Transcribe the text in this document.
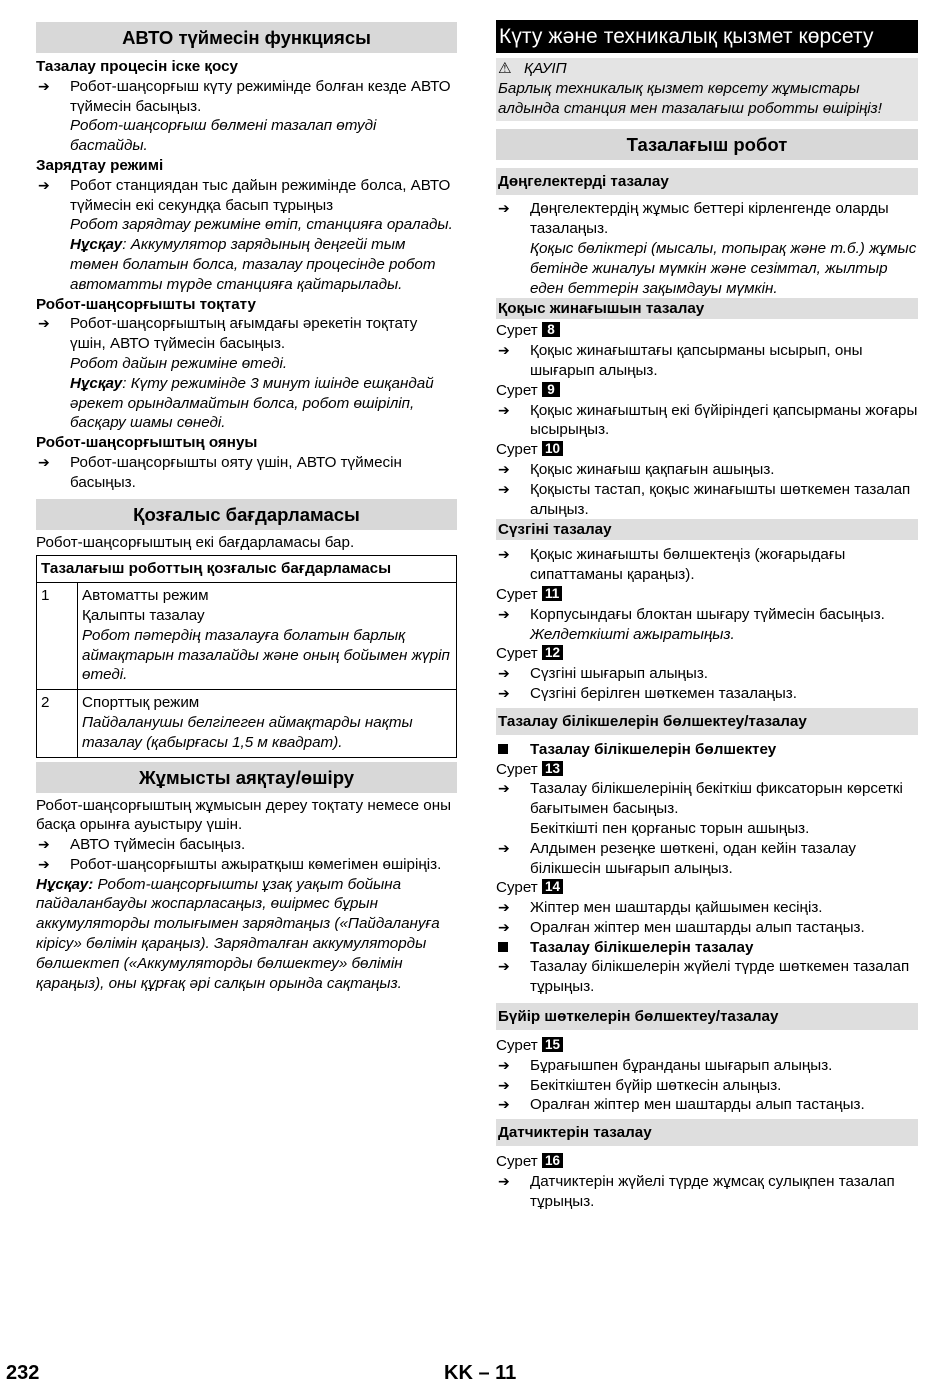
АВТО түймесін функциясы
Тазалау процесін іске қосу
➔ Робот-шаңсорғыш күту режимінде болған кезде АВТО түймесін басыңыз.
Робот-шаңсорғыш бөлмені тазалап өтуді бастайды.
Зарядтау режимі
➔ Робот станциядан тыс дайын режимінде болса, АВТО түймесін екі секундқа басып тұрыңыз
Робот зарядтау режиміне өтіп, станцияға оралады.
Нұсқау: Аккумулятор зарядының деңгейі тым төмен болатын болса, тазалау процесінде робот автоматты түрде станцияға қайтарылады.
Робот-шаңсорғышты тоқтату
➔ Робот-шаңсорғыштың ағымдағы әрекетін тоқтату үшін, АВТО түймесін басыңыз.
Робот дайын режиміне өтеді.
Нұсқау: Күту режимінде 3 минут ішінде ешқандай әрекет орындалмайтын болса, робот өшіріліп, басқару шамы сөнеді.
Робот-шаңсорғыштың оянуы
➔ Робот-шаңсорғышты ояту үшін, АВТО түймесін басыңыз.
Қозғалыс бағдарламасы
Робот-шаңсорғыштың екі бағдарламасы бар.
Тазалағыш роботтың қозғалыс бағдарламасы	
1	Автоматты режим
Қалыпты тазалау
Робот пәтердің тазалауға болатын барлық аймақтарын тазалайды және оның бойымен жүріп өтеді.

2	Спорттық режим
Пайдаланушы белгілеген аймақтарды нақты тазалау (қабырғасы 1,5 м квадрат).
Жұмысты аяқтау/өшіру
Робот-шаңсорғыштың жұмысын дереу тоқтату немесе оны басқа орынға ауыстыру үшін.
➔ АВТО түймесін басыңыз.
➔ Робот-шаңсорғышты ажыратқыш көмегімен өшіріңіз.
Нұсқау: Робот-шаңсорғышты ұзақ уақыт бойына пайдаланбауды жоспарласаңыз, өшірмес бұрын аккумуляторды толығымен зарядтаңыз («Пайдалануға кірісу» бөлімін қараңыз). Зарядталған аккумуляторды бөлшектеп («Аккумуляторды бөлшектеу» бөлімін қараңыз), оны құрғақ әрі салқын орында сақтаңыз.
Күту және техникалық қызмет көрсету
⚠ ҚАУІП
Барлық техникалық қызмет көрсету жұмыстары алдында станция мен тазалағыш роботты өшіріңіз!
Тазалағыш робот
Дөңгелектерді тазалау
➔ Дөңгелектердің жұмыс беттері кірленгенде оларды тазалаңыз.
Қоқыс бөліктері (мысалы, топырақ және т.б.) жұмыс бетінде жиналуы мүмкін және сезімтал, жылтыр еден беттерін зақымдауы мүмкін.
Қоқыс жинағышын тазалау
Сурет 8
➔ Қоқыс жинағыштағы қапсырманы ысырып, оны шығарып алыңыз.
Сурет 9
➔ Қоқыс жинағыштың екі бүйіріндегі қапсырманы жоғары ысырыңыз.
Сурет 10
➔ Қоқыс жинағыш қақпағын ашыңыз.
➔ Қоқысты тастап, қоқыс жинағышты шөткемен тазалап алыңыз.
Сүзгіні тазалау
➔ Қоқыс жинағышты бөлшектеңіз (жоғарыдағы сипаттаманы қараңыз).
Сурет 11
➔ Корпусындағы блоктан шығару түймесін басыңыз.
Желдеткішті ажыратыңыз.
Сурет 12
➔ Сүзгіні шығарып алыңыз.
➔ Сүзгіні берілген шөткемен тазалаңыз.
Тазалау білікшелерін бөлшектеу/тазалау
Тазалау білікшелерін бөлшектеу
Сурет 13
➔ Тазалау білікшелерінің бекіткіш фиксаторын көрсеткі бағытымен басыңыз.
Бекіткішті пен қорғаныс торын ашыңыз.
➔ Алдымен резеңке шөткені, одан кейін тазалау білікшесін шығарып алыңыз.
Сурет 14
➔ Жіптер мен шаштарды қайшымен кесіңіз.
➔ Оралған жіптер мен шаштарды алып тастаңыз.
Тазалау білікшелерін тазалау
➔ Тазалау білікшелерін жүйелі түрде шөткемен тазалап тұрыңыз.
Бүйір шөткелерін бөлшектеу/тазалау
Сурет 15
➔ Бұрағышпен бұранданы шығарып алыңыз.
➔ Бекіткіштен бүйір шөткесін алыңыз.
➔ Оралған жіптер мен шаштарды алып тастаңыз.
Датчиктерін тазалау
Сурет 16
➔ Датчиктерін жүйелі түрде жұмсақ сулықпен тазалап тұрыңыз.
232	KK – 11
